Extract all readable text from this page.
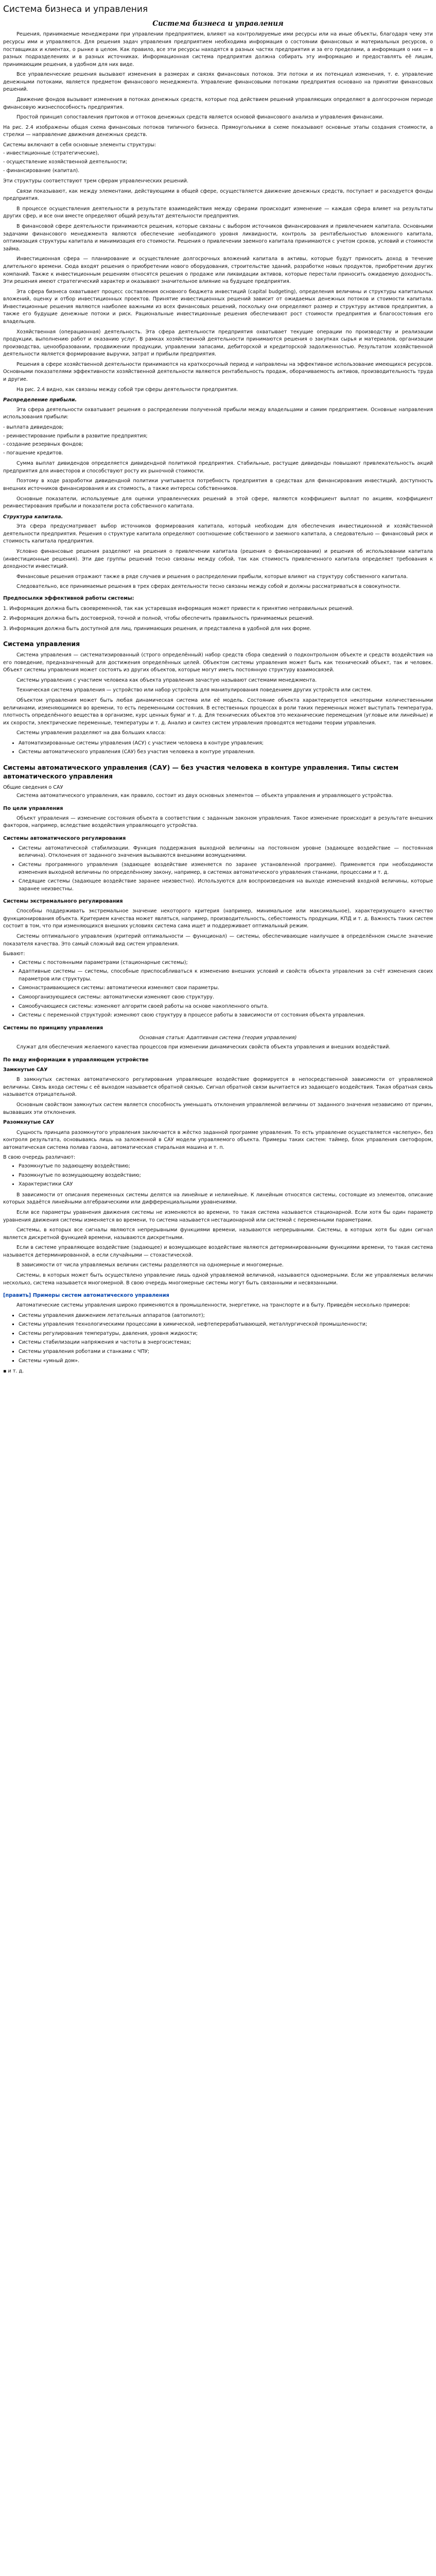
Система бизнеса и управления
Система бизнеса и управления

Решения, принимаемые менеджерами при управлении предприятием, влияют на контролируемые ими ресурсы или на иные объекты, благодаря чему эти ресурсы ими и управляются. Для решения задач управления предприятием необходима информация о состоянии финансовых и материальных ресурсов, о поставщиках и клиентах, о рынке в целом. Как правило, все эти ресурсы находятся в разных частях предприятия и за его пределами, а информация о них — в разных подразделениях и в разных источниках. Информационная система предприятия должна собирать эту информацию и предоставлять её лицам, принимающим решения, в удобном для них виде.

Все управленческие решения вызывают изменения в размерах и связях финансовых потоков. Эти потоки и их потенциал изменения, т. е. управление денежными потоками, является предметом финансового менеджмента. Управление финансовыми потоками предприятия основано на принятии финансовых решений.

Движение фондов вызывает изменения в потоках денежных средств, которые под действием решений управляющих определяют в долгосрочном периоде финансовую жизнеспособность предприятия.

Простой принцип сопоставления притоков и оттоков денежных средств является основой финансового анализа и управления финансами.

На рис. 2.4 изображены общая схема финансовых потоков типичного бизнеса. Прямоугольники в схеме показывают основные этапы создания стоимости, а стрелки — направление движения денежных средств.

Системы включают в себя основные элементы структуры:

- инвестиционные (стратегические),

- осуществление хозяйственной деятельности;

- финансирование (капитал).

Эти структуры соответствуют трем сферам управленческих решений.

Связи показывают, как между элементами, действующими в общей сфере, осуществляется движение денежных средств, поступает и расходуется фонды предприятия.

В процессе осуществления деятельности в результате взаимодействия между сферами происходит изменение — каждая сфера влияет на результаты других сфер, и все они вместе определяют общий результат деятельности предприятия.

В финансовой сфере деятельности принимаются решения, которые связаны с выбором источников финансирования и привлечением капитала. Основными задачами финансового менеджмента являются обеспечение необходимого уровня ликвидности, контроль за рентабельностью вложенного капитала, оптимизация структуры капитала и минимизация его стоимости. Решения о привлечении заемного капитала принимаются с учетом сроков, условий и стоимости займа.

Инвестиционная сфера — планирование и осуществление долгосрочных вложений капитала в активы, которые будут приносить доход в течение длительного времени. Сюда входят решения о приобретении нового оборудования, строительстве зданий, разработке новых продуктов, приобретении других компаний. Также к инвестиционным решениям относятся решения о продаже или ликвидации активов, которые перестали приносить ожидаемую доходность. Эти решения имеют стратегический характер и оказывают значительное влияние на будущее предприятия.

Эта сфера бизнеса охватывает процесс составления основного бюджета инвестиций (capital budgeting), определения величины и структуры капитальных вложений, оценку и отбор инвестиционных проектов. Принятие инвестиционных решений зависит от ожидаемых денежных потоков и стоимости капитала. Инвестиционные решения являются наиболее важными из всех финансовых решений, поскольку они определяют размер и структуру активов предприятия, а также его будущие денежные потоки и риск. Рациональные инвестиционные решения обеспечивают рост стоимости предприятия и благосостояния его владельцев.

Хозяйственная (операционная) деятельность. Эта сфера деятельности предприятия охватывает текущие операции по производству и реализации продукции, выполнению работ и оказанию услуг. В рамках хозяйственной деятельности принимаются решения о закупках сырья и материалов, организации производства, ценообразовании, продвижении продукции, управлении запасами, дебиторской и кредиторской задолженностью. Результатом хозяйственной деятельности является формирование выручки, затрат и прибыли предприятия.

Решения в сфере хозяйственной деятельности принимаются на краткосрочный период и направлены на эффективное использование имеющихся ресурсов. Основными показателями эффективности хозяйственной деятельности являются рентабельность продаж, оборачиваемость активов, производительность труда и другие.

На рис. 2.4 видно, как связаны между собой три сферы деятельности предприятия.

Распределение прибыли.

Эта сфера деятельности охватывает решения о распределении полученной прибыли между владельцами и самим предприятием. Основные направления использования прибыли:

- выплата дивидендов;

- реинвестирование прибыли в развитие предприятия;

- создание резервных фондов;

- погашение кредитов.

Сумма выплат дивидендов определяется дивидендной политикой предприятия. Стабильные, растущие дивиденды повышают привлекательность акций предприятия для инвесторов и способствуют росту их рыночной стоимости.

Поэтому в ходе разработки дивидендной политики учитывается потребность предприятия в средствах для финансирования инвестиций, доступность внешних источников финансирования и их стоимость, а также интересы собственников.

Основные показатели, используемые для оценки управленческих решений в этой сфере, являются коэффициент выплат по акциям, коэффициент реинвестирования прибыли и показатели роста собственного капитала.

Структура капитала.

Эта сфера предусматривает выбор источников формирования капитала, который необходим для обеспечения инвестиционной и хозяйственной деятельности предприятия. Решения о структуре капитала определяют соотношение собственного и заемного капитала, а следовательно — финансовый риск и стоимость капитала предприятия.

Условно финансовые решения разделяют на решения о привлечении капитала (решения о финансировании) и решения об использовании капитала (инвестиционные решения). Эти две группы решений тесно связаны между собой, так как стоимость привлеченного капитала определяет требования к доходности инвестиций.

Финансовые решения отражают также в ряде случаев и решения о распределении прибыли, которые влияют на структуру собственного капитала.

Следовательно, все принимаемые решения в трех сферах деятельности тесно связаны между собой и должны рассматриваться в совокупности.

Предпосылки эффективной работы системы:

1. Информация должна быть своевременной, так как устаревшая информация может привести к принятию неправильных решений.

2. Информация должна быть достоверной, точной и полной, чтобы обеспечить правильность принимаемых решений.

3. Информация должна быть доступной для лиц, принимающих решения, и представлена в удобной для них форме.

Система управления

Система управления — систематизированный (строго определённый) набор средств сбора сведений о подконтрольном объекте и средств воздействия на его поведение, предназначенный для достижения определённых целей. Объектом системы управления может быть как технический объект, так и человек. Объект системы управления может состоять из других объектов, которые могут иметь постоянную структуру взаимосвязей.

Системы управления с участием человека как объекта управления зачастую называют системами менеджмента.

Техническая система управления — устройство или набор устройств для манипулирования поведением других устройств или систем.

Объектом управления может быть любая динамическая система или её модель. Состояние объекта характеризуется некоторыми количественными величинами, изменяющимися во времени, то есть переменными состояния. В естественных процессах в роли таких переменных может выступать температура, плотность определённого вещества в организме, курс ценных бумаг и т. д. Для технических объектов это механические перемещения (угловые или линейные) и их скорости, электрические переменные, температуры и т. д. Анализ и синтез систем управления проводятся методами теории управления.

Системы управления разделяют на два больших класса:

• Автоматизированные системы управления (АСУ) с участием человека в контуре управления;
• Системы автоматического управления (САУ) без участия человека в контуре управления.
Системы автоматического управления (САУ) — без участия человека в контуре управления. Типы систем автоматического управления

Общие сведения о САУ

Система автоматического управления, как правило, состоит из двух основных элементов — объекта управления и управляющего устройства.

По цели управления

Объект управления — изменение состояния объекта в соответствии с заданным законом управления. Такое изменение происходит в результате внешних факторов, например, вследствие воздействия управляющего устройства.

Системы автоматического регулирования
• Системы автоматической стабилизации. Функция поддержания выходной величины на постоянном уровне (задающее воздействие — постоянная величина). Отклонения от заданного значения вызываются внешними возмущениями.
• Системы программного управления (задающее воздействие изменяется по заранее установленной программе). Применяется при необходимости изменения выходной величины по определённому закону, например, в системах автоматического управления станками, процессами и т. д.
• Следящие системы (задающее воздействие заранее неизвестно). Используются для воспроизведения на выходе изменений входной величины, которые заранее неизвестны.
Системы экстремального регулирования

Способны поддерживать экстремальное значение некоторого критерия (например, минимальное или максимальное), характеризующего качество функционирования объекта. Критерием качества может являться, например, производительность, себестоимость продукции, КПД и т. д. Важность таких систем состоит в том, что при изменяющихся внешних условиях система сама ищет и поддерживает оптимальный режим.

Системы оптимального управления (критерий оптимальности — функционал) — системы, обеспечивающие наилучшее в определённом смысле значение показателя качества. Это самый сложный вид систем управления.

Бывают:

• Системы с постоянными параметрами (стационарные системы);
• Адаптивные системы — системы, способные приспосабливаться к изменению внешних условий и свойств объекта управления за счёт изменения своих параметров или структуры.
• Самонастраивающиеся системы: автоматически изменяют свои параметры.
• Самоорганизующиеся системы: автоматически изменяют свою структуру.
• Самообучающиеся системы: изменяют алгоритм своей работы на основе накопленного опыта.
• Системы с переменной структурой: изменяют свою структуру в процессе работы в зависимости от состояния объекта управления.
Системы по принципу управления

Основная статья: Адаптивная система (теория управления)

Служат для обеспечения желаемого качества процессов при изменении динамических свойств объекта управления и внешних воздействий.

По виду информации в управляющем устройстве

Замкнутые САУ

В замкнутых системах автоматического регулирования управляющее воздействие формируется в непосредственной зависимости от управляемой величины. Связь входа системы с её выходом называется обратной связью. Сигнал обратной связи вычитается из задающего воздействия. Такая обратная связь называется отрицательной.

Основным свойством замкнутых систем является способность уменьшать отклонения управляемой величины от заданного значения независимо от причин, вызвавших эти отклонения.

Разомкнутые САУ

Сущность принципа разомкнутого управления заключается в жёстко заданной программе управления. То есть управление осуществляется «вслепую», без контроля результата, основываясь лишь на заложенной в САУ модели управляемого объекта. Примеры таких систем: таймер, блок управления светофором, автоматическая система полива газона, автоматическая стиральная машина и т. п.

В свою очередь различают:

• Разомкнутые по задающему воздействию;
• Разомкнутые по возмущающему воздействию;
• Характеристики САУ

В зависимости от описания переменных системы делятся на линейные и нелинейные. К линейным относятся системы, состоящие из элементов, описание которых задаётся линейными алгебраическими или дифференциальными уравнениями.

Если все параметры уравнения движения системы не изменяются во времени, то такая система называется стационарной. Если хотя бы один параметр уравнения движения системы изменяется во времени, то система называется нестационарной или системой с переменными параметрами.

Системы, в которых все сигналы являются непрерывными функциями времени, называются непрерывными. Системы, в которых хотя бы один сигнал является дискретной функцией времени, называются дискретными.

Если в системе управляющее воздействие (задающее) и возмущающее воздействие являются детерминированными функциями времени, то такая система называется детерминированной, а если случайными — стохастической.

В зависимости от числа управляемых величин системы разделяются на одномерные и многомерные.

Системы, в которых может быть осуществлено управление лишь одной управляемой величиной, называются одномерными. Если же управляемых величин несколько, система называется многомерной. В свою очередь многомерные системы могут быть связанными и несвязанными.

[править] Примеры систем автоматического управления

Автоматические системы управления широко применяются в промышленности, энергетике, на транспорте и в быту. Приведём несколько примеров:

▪ Системы управления движением летательных аппаратов (автопилот);
▪ Системы управления технологическими процессами в химической, нефтеперерабатывающей, металлургической промышленности;
▪ Системы регулирования температуры, давления, уровня жидкости;
▪ Системы стабилизации напряжения и частоты в энергосистемах;
▪ Системы управления роботами и станками с ЧПУ;
▪ Системы «умный дом».

▪ и т. д.
